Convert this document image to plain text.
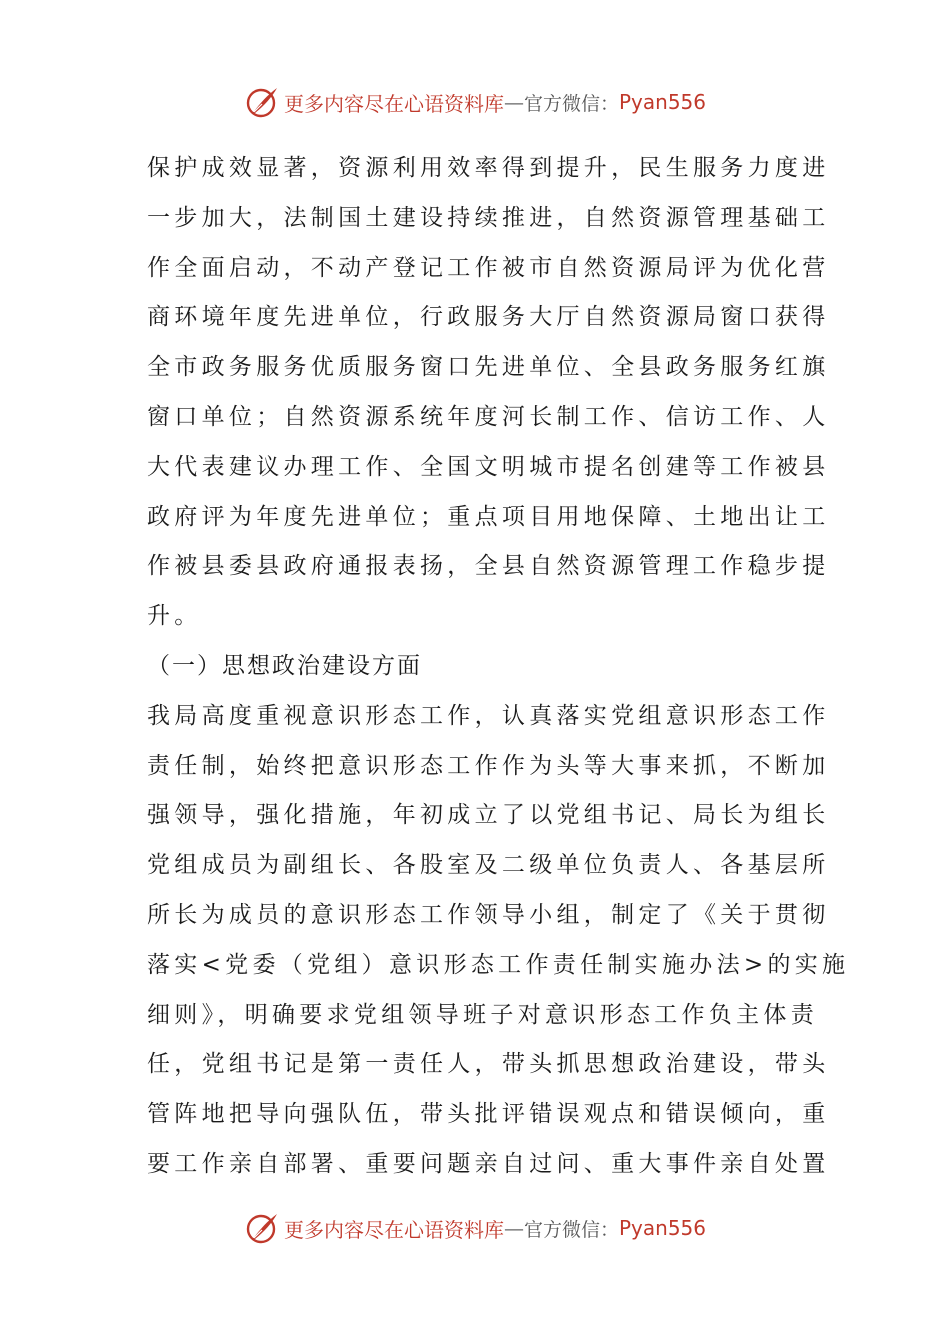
更多内容尽在心语资料库 — 官方微信： Pyan556
保护成效显著，资源利用效率得到提升，民生服务力度进
一步加大，法制国土建设持续推进，自然资源管理基础工
作全面启动，不动产登记工作被市自然资源局评为优化营
商环境年度先进单位，行政服务大厅自然资源局窗口获得
全市政务服务优质服务窗口先进单位、全县政务服务红旗
窗口单位；自然资源系统年度河长制工作、信访工作、人
大代表建议办理工作、全国文明城市提名创建等工作被县
政府评为年度先进单位；重点项目用地保障、土地出让工
作被县委县政府通报表扬，全县自然资源管理工作稳步提
升。
（一）思想政治建设方面
我局高度重视意识形态工作，认真落实党组意识形态工作
责任制，始终把意识形态工作作为头等大事来抓，不断加
强领导，强化措施，年初成立了以党组书记、局长为组长
党组成员为副组长、各股室及二级单位负责人、各基层所
所长为成员的意识形态工作领导小组，制定了《关于贯彻
落实<党委（党组）意识形态工作责任制实施办法>的实施
细则》，明确要求党组领导班子对意识形态工作负主体责
任，党组书记是第一责任人，带头抓思想政治建设，带头
管阵地把导向强队伍，带头批评错误观点和错误倾向，重
要工作亲自部署、重要问题亲自过问、重大事件亲自处置
更多内容尽在心语资料库 — 官方微信： Pyan556
